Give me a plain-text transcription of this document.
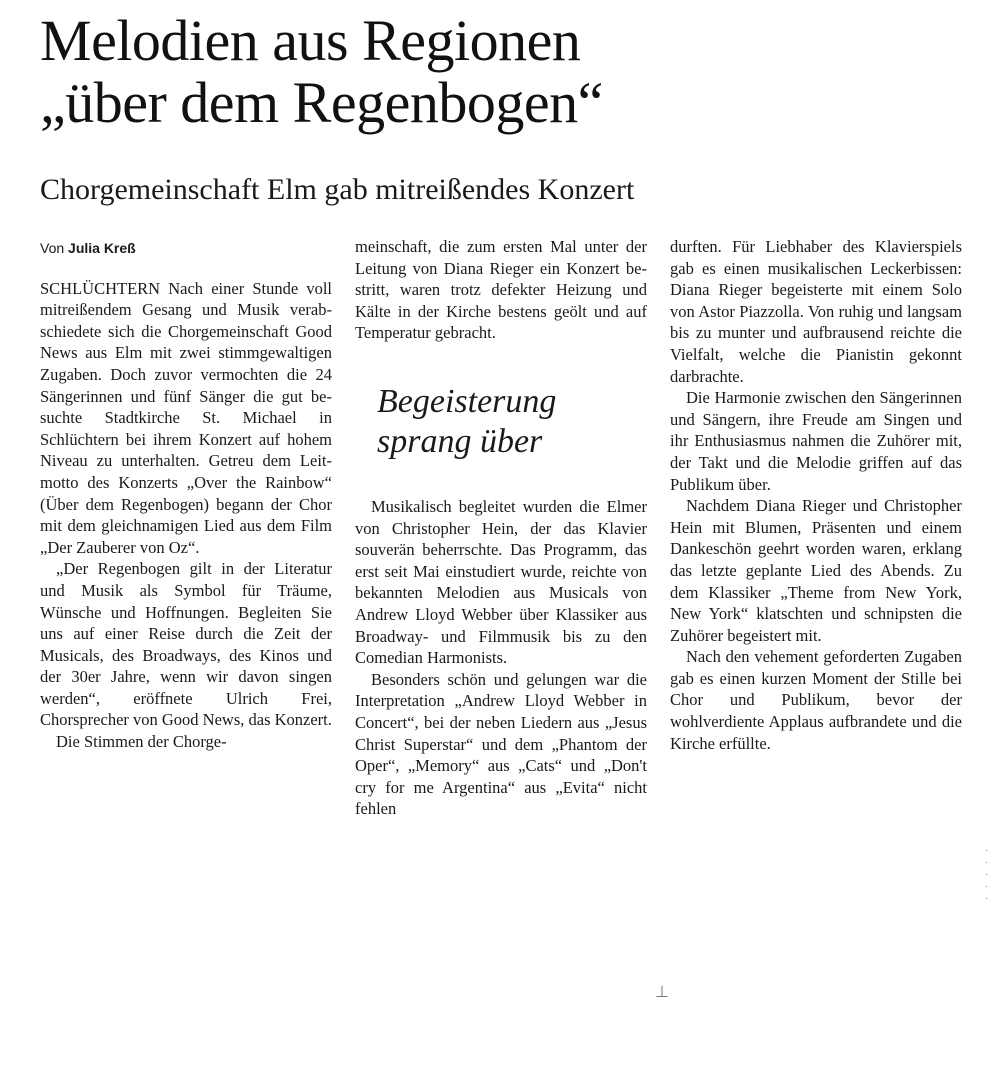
Melodien aus Regionen
„über dem Regenbogen“
Chorgemeinschaft Elm gab mitreißendes Konzert
Von Julia Kreß

SCHLÜCHTERN Nach einer Stunde voll mitreißendem Gesang und Musik verabschiedete sich die Chorgemeinschaft Good News aus Elm mit zwei stimmgewaltigen Zugaben. Doch zuvor vermochten die 24 Sängerinnen und fünf Sänger die gut besuchte Stadtkirche St. Michael in Schlüchtern bei ihrem Konzert auf hohem Niveau zu unterhalten. Getreu dem Leitmotto des Konzerts „Over the Rainbow“ (Über dem Regenbogen) begann der Chor mit dem gleichnamigen Lied aus dem Film „Der Zauberer von Oz“.

„Der Regenbogen gilt in der Literatur und Musik als Symbol für Träume, Wünsche und Hoffnungen. Begleiten Sie uns auf einer Reise durch die Zeit der Musicals, des Broadways, des Kinos und der 30er Jahre, wenn wir davon singen werden“, eröffnete Ulrich Frei, Chorsprecher von Good News, das Konzert.

Die Stimmen der Chorge-

meinschaft, die zum ersten Mal unter der Leitung von Diana Rieger ein Konzert bestritt, waren trotz defekter Heizung und Kälte in der Kirche bestens geölt und auf Temperatur gebracht.

Begeisterung sprang über

Musikalisch begleitet wurden die Elmer von Christopher Hein, der das Klavier souverän beherrschte. Das Programm, das erst seit Mai einstudiert wurde, reichte von bekannten Melodien aus Musicals von Andrew Lloyd Webber über Klassiker aus Broadway- und Filmmusik bis zu den Comedian Harmonists.

Besonders schön und gelungen war die Interpretation „Andrew Lloyd Webber in Concert“, bei der neben Liedern aus „Jesus Christ Superstar“ und dem „Phantom der Oper“, „Memory“ aus „Cats“ und „Don't cry for me Argentina“ aus „Evita“ nicht fehlen

durften. Für Liebhaber des Klavierspiels gab es einen musikalischen Leckerbissen: Diana Rieger begeisterte mit einem Solo von Astor Piazzolla. Von ruhig und langsam bis zu munter und aufbrausend reichte die Vielfalt, welche die Pianistin gekonnt darbrachte.

Die Harmonie zwischen den Sängerinnen und Sängern, ihre Freude am Singen und ihr Enthusiasmus nahmen die Zuhörer mit, der Takt und die Melodie griffen auf das Publikum über.

Nachdem Diana Rieger und Christopher Hein mit Blumen, Präsenten und einem Dankeschön geehrt worden waren, erklang das letzte geplante Lied des Abends. Zu dem Klassiker „Theme from New York, New York“ klatschten und schnipsten die Zuhörer begeistert mit.

Nach den vehement geforderten Zugaben gab es einen kurzen Moment der Stille bei Chor und Publikum, bevor der wohlverdiente Applaus aufbrandete und die Kirche erfüllte.

⊥
·
·
·
·
·
